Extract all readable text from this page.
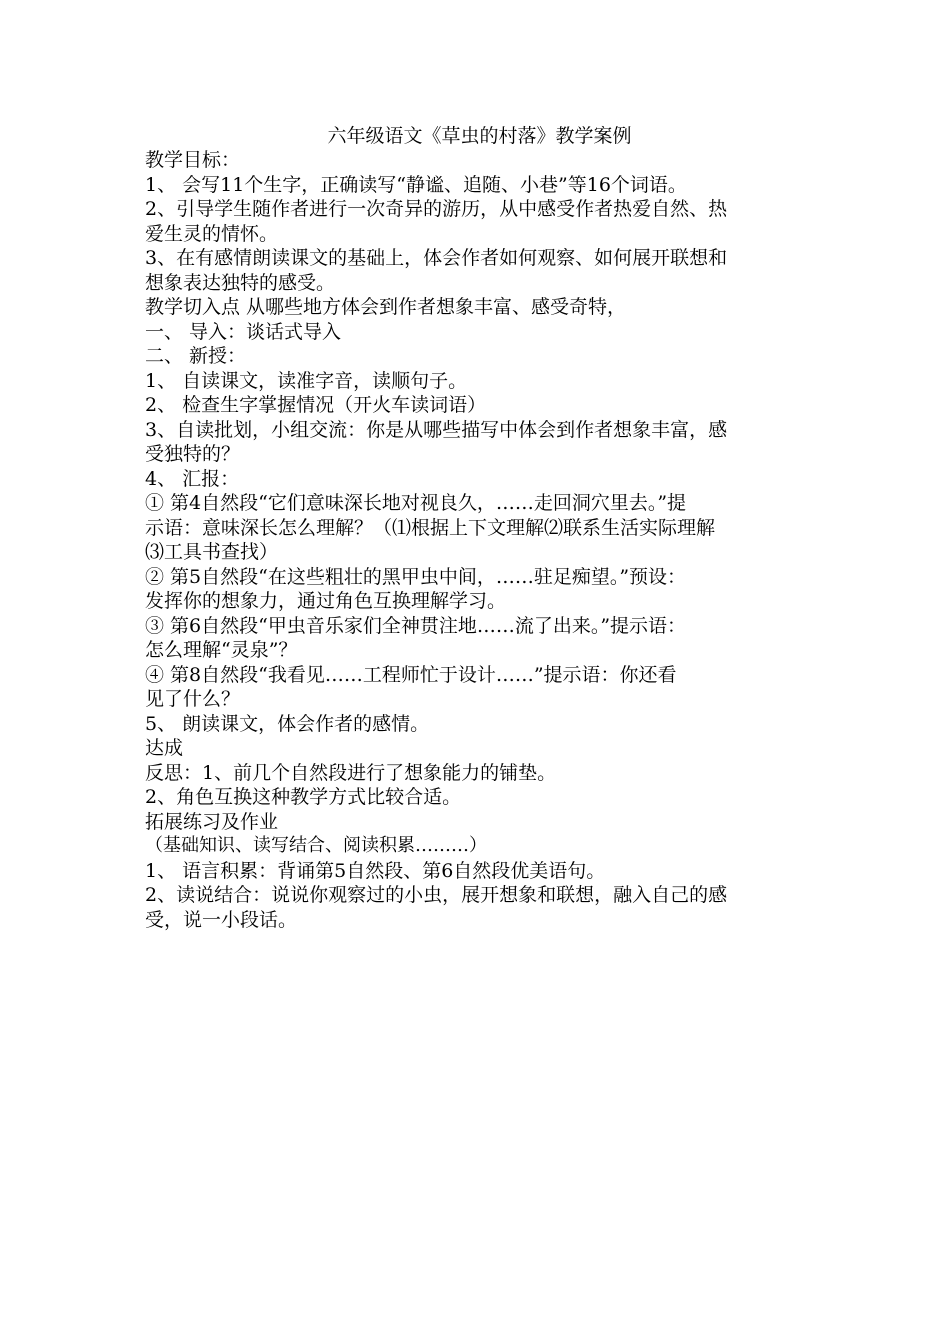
六年级语文《草虫的村落》教学案例
教学目标：
1、 会写11个生字，正确读写“静谧、追随、小巷”等16个词语。
2、引导学生随作者进行一次奇异的游历，从中感受作者热爱自然、热
爱生灵的情怀。
3、在有感情朗读课文的基础上，体会作者如何观察、如何展开联想和
想象表达独特的感受。
教学切入点 从哪些地方体会到作者想象丰富、感受奇特，
一、 导入：谈话式导入
二、 新授：
1、 自读课文，读准字音，读顺句子。
2、 检查生字掌握情况（开火车读词语）
3、自读批划，小组交流：你是从哪些描写中体会到作者想象丰富，感
受独特的？
4、 汇报：
① 第4自然段“它们意味深长地对视良久，……走回洞穴里去。”提
示语：意味深长怎么理解？（⑴根据上下文理解⑵联系生活实际理解
⑶工具书查找）
② 第5自然段“在这些粗壮的黑甲虫中间，……驻足痴望。”预设：
发挥你的想象力，通过角色互换理解学习。
③ 第6自然段“甲虫音乐家们全神贯注地……流了出来。”提示语：
怎么理解“灵泉”？
④ 第8自然段“我看见……工程师忙于设计……”提示语：你还看
见了什么？
5、 朗读课文，体会作者的感情。
达成
反思：1、前几个自然段进行了想象能力的铺垫。
2、角色互换这种教学方式比较合适。
拓展练习及作业
（基础知识、读写结合、阅读积累………）
1、 语言积累：背诵第5自然段、第6自然段优美语句。
2、读说结合：说说你观察过的小虫，展开想象和联想，融入自己的感
受，说一小段话。
